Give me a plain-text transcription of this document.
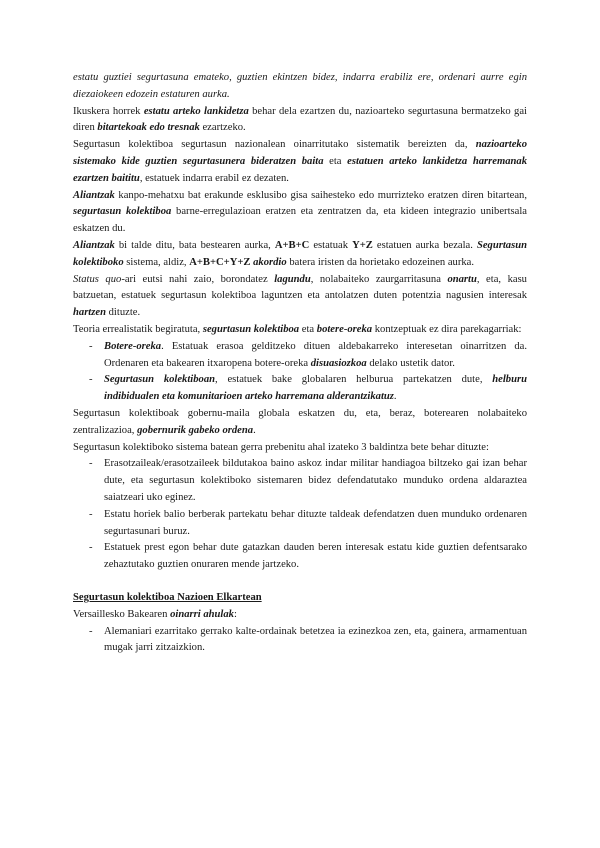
estatu guztiei segurtasuna emateko, guztien ekintzen bidez, indarra erabiliz ere, ordenari aurre egin diezaiokeen edozein estaturen aurka.

Ikuskera horrek estatu arteko lankidetza behar dela ezartzen du, nazioarteko segurtasuna bermatzeko gai diren bitartekoak edo tresnak ezartzeko.

Segurtasun kolektiboa segurtasun nazionalean oinarritutako sistematik bereizten da, nazioarteko sistemako kide guztien segurtasunera bideratzen baita eta estatuen arteko lankidetza harremanak ezartzen baititu, estatuek indarra erabil ez dezaten.

Aliantzak kanpo-mehatxu bat erakunde esklusibo gisa saihesteko edo murrizteko eratzen diren bitartean, segurtasun kolektiboa barne-erregulazioan eratzen eta zentratzen da, eta kideen integrazio unibertsala eskatzen du.

Aliantzak bi talde ditu, bata bestearen aurka, A+B+C estatuak Y+Z estatuen aurka bezala. Segurtasun kolektiboko sistema, aldiz, A+B+C+Y+Z akordio batera iristen da horietako edozeinen aurka.

Status quo-ari eutsi nahi zaio, borondatez lagundu, nolabaiteko zaurgarritasuna onartu, eta, kasu batzuetan, estatuek segurtasun kolektiboa laguntzen eta antolatzen duten potentzia nagusien interesak hartzen dituzte.

Teoria errealistatik begiratuta, segurtasun kolektiboa eta botere-oreka kontzeptuak ez dira parekagarriak:

- Botere-oreka. Estatuak erasoa gelditzeko dituen aldebakarreko interesetan oinarritzen da. Ordenaren eta bakearen itxaropena botere-oreka disuasiozkoa delako ustetik dator.
- Segurtasun kolektiboan, estatuek bake globalaren helburua partekatzen dute, helburu indibidualen eta komunitarioen arteko harremana alderantzikatuz.

Segurtasun kolektiboak gobernu-maila globala eskatzen du, eta, beraz, boterearen nolabaiteko zentralizazioa, gobernurik gabeko ordena.

Segurtasun kolektiboko sistema batean gerra prebenitu ahal izateko 3 baldintza bete behar dituzte:

- Erasotzaileak/erasotzaileek bildutakoa baino askoz indar militar handiagoa biltzeko gai izan behar dute, eta segurtasun kolektiboko sistemaren bidez defendatutako munduko ordena aldaraztea saiatzeari uko eginez.
- Estatu horiek balio berberak partekatu behar dituzte taldeak defendatzen duen munduko ordenaren segurtasunari buruz.
- Estatuek prest egon behar dute gatazkan dauden beren interesak estatu kide guztien defentsarako zehaztutako guztien onuraren mende jartzeko.

Segurtasun kolektiboa Nazioen Elkartean

Versaillesko Bakearen oinarri ahulak:

- Alemaniari ezarritako gerrako kalte-ordainak betetzea ia ezinezkoa zen, eta, gainera, armamentuan mugak jarri zitzaizkion.
